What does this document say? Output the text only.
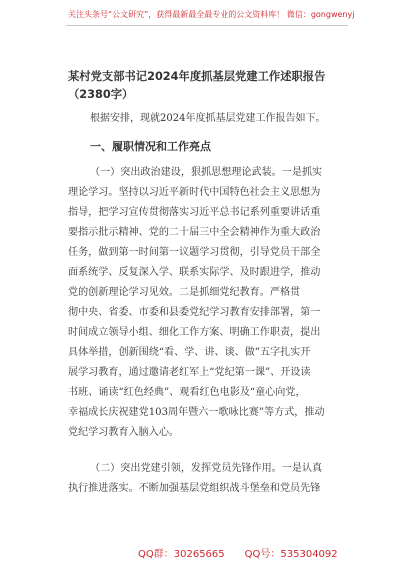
关注头条号“公文研究”，获得最新最全最专业的公文资料库！ 微信：gongwenyj
某村党支部书记2024年度抓基层党建工作述职报告（2380字）
根据安排，现就2024年度抓基层党建工作报告如下。
一、履职情况和工作亮点
（一）突出政治建设，狠抓思想理论武装。一是抓实
理论学习。坚持以习近平新时代中国特色社会主义思想为
指导，把学习宣传贯彻落实习近平总书记系列重要讲话重
要指示批示精神、党的二十届三中全会精神作为重大政治
任务，做到第一时间第一议题学习贯彻，引导党员干部全
面系统学、反复深入学、联系实际学、及时跟进学，推动
党的创新理论学习见效。二是抓细党纪教育。严格贯
彻中央、省委、市委和县委党纪学习教育安排部署，第一
时间成立领导小组、细化工作方案、明确工作职责，提出
具体举措，创新围绕“看、学、讲、谈、做”五字扎实开
展学习教育，通过邀请老红军上“党纪第一课”、开设读
书班、诵读“红色经典”、观看红色电影及“童心向党，
幸福成长庆祝建党103周年暨六一歌咏比赛”等方式，推动
党纪学习教育入脑入心。
（二）突出党建引领，发挥党员先锋作用。一是认真
执行推进落实。不断加强基层党组织战斗堡垒和党员先锋
QQ群：30265665 QQ号：535304092
